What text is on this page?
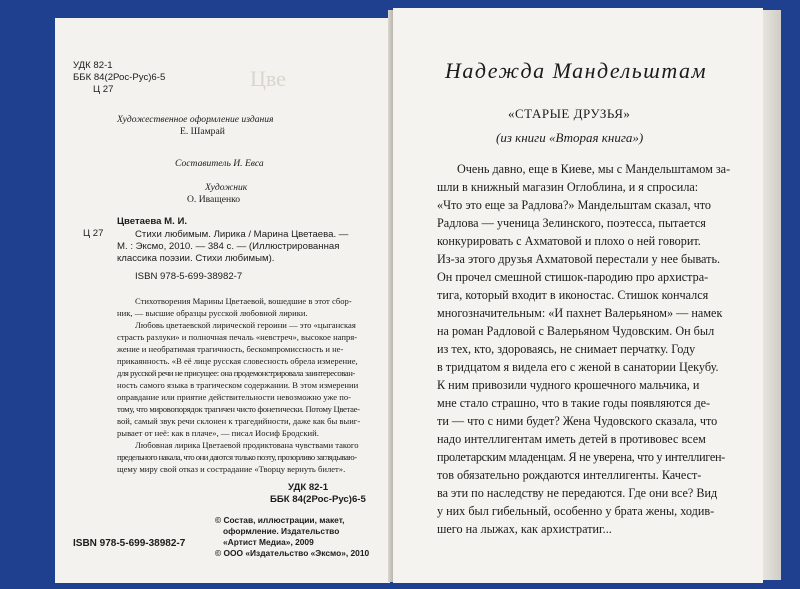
Цве
УДК 82-1
ББК 84(2Рос-Рус)6-5
Ц 27
Художественное оформление издания
Е. Шамрай
Составитель И. Евса
Художник
О. Иващенко
Ц 27
Цветаева М. И.
Стихи любимым. Лирика / Марина Цветаева. —
М. : Эксмо, 2010. — 384 с. — (Иллюстрированная
классика поэзии. Стихи любимым).
ISBN 978-5-699-38982-7
Стихотворения Марины Цветаевой, вошедшие в этот сбор-
ник, — высшие образцы русской любовной лирики.
Любовь цветаевской лирической героини — это «цыганская
страсть разлуки» и полночная печаль «невстреч», высокое напря-
жение и необратимая трагичность, бескомпромиссность и не-
прикаянность. «В её лице русская словесность обрела измерение,
для русской речи не присущее: она продемонстрировала заинтересован-
ность самого языка в трагическом содержании. В этом измерении
оправдание или приятие действительности невозможно уже по-
тому, что мировопорядок трагичен чисто фонетически. Потому Цветае-
вой, самый звук речи склонен к трагедийности, даже как бы выиг-
рывает от неё: как в плаче», — писал Иосиф Бродский.
Любовная лирика Цветаевой продиктована чувствами такого
предельного накала, что они даются только поэту, прозорливо заглядываю-
щему миру свой отказ и сострадание «Творцу вернуть билет».
УДК 82-1
ББК 84(2Рос-Рус)6-5
© Состав, иллюстрации, макет,
оформление. Издательство
«Артист Медиа», 2009
© ООО «Издательство «Эксмо», 2010
ISBN 978-5-699-38982-7
Надежда Мандельштам
«СТАРЫЕ ДРУЗЬЯ»
(из книги «Вторая книга»)
Очень давно, еще в Киеве, мы с Мандельштамом за-
шли в книжный магазин Оглоблина, и я спросила:
«Что это еще за Радлова?» Мандельштам сказал, что
Радлова — ученица Зелинского, поэтесса, пытается
конкурировать с Ахматовой и плохо о ней говорит.
Из-за этого друзья Ахматовой перестали у нее бывать.
Он прочел смешной стишок-пародию про архистра-
тига, который входит в иконостас. Стишок кончался
многозначительным: «И пахнет Валерьяном» — намек
на роман Радловой с Валерьяном Чудовским. Он был
из тех, кто, здороваясь, не снимает перчатку. Году
в тридцатом я видела его с женой в санатории Цекубу.
К ним привозили чудного крошечного мальчика, и
мне стало страшно, что в такие годы появляются де-
ти — что с ними будет? Жена Чудовского сказала, что
надо интеллигентам иметь детей в противовес всем
пролетарским младенцам. Я не уверена, что у интеллиген-
тов обязательно рождаются интеллигенты. Качест-
ва эти по наследству не передаются. Где они все? Вид
у них был гибельный, особенно у брата жены, ходив-
шего на лыжах, как архистратиг...
